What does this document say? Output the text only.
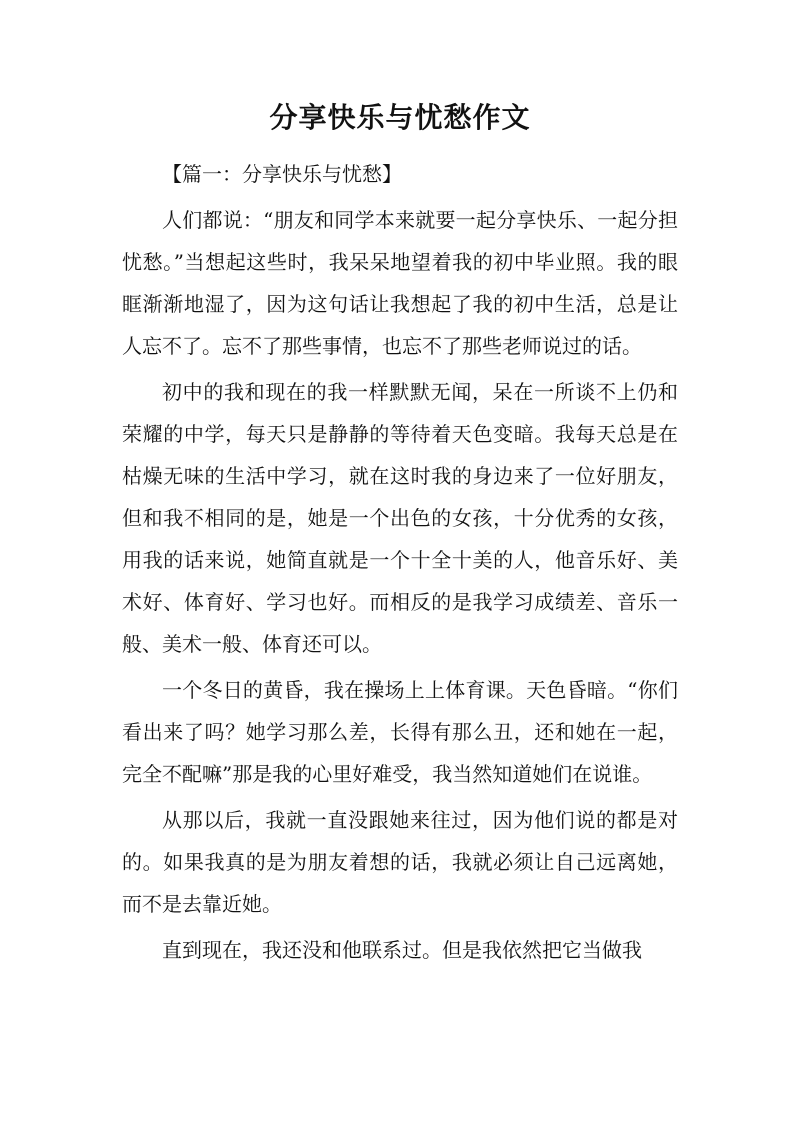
分享快乐与忧愁作文

【篇一：分享快乐与忧愁】

人们都说：“朋友和同学本来就要一起分享快乐、一起分担忧愁。”当想起这些时，我呆呆地望着我的初中毕业照。我的眼眶渐渐地湿了，因为这句话让我想起了我的初中生活，总是让人忘不了。忘不了那些事情，也忘不了那些老师说过的话。

初中的我和现在的我一样默默无闻，呆在一所谈不上仍和荣耀的中学，每天只是静静的等待着天色变暗。我每天总是在枯燥无味的生活中学习，就在这时我的身边来了一位好朋友，但和我不相同的是，她是一个出色的女孩，十分优秀的女孩，用我的话来说，她简直就是一个十全十美的人，他音乐好、美术好、体育好、学习也好。而相反的是我学习成绩差、音乐一般、美术一般、体育还可以。

一个冬日的黄昏，我在操场上上体育课。天色昏暗。“你们看出来了吗？她学习那么差，长得有那么丑，还和她在一起，完全不配嘛”那是我的心里好难受，我当然知道她们在说谁。

从那以后，我就一直没跟她来往过，因为他们说的都是对的。如果我真的是为朋友着想的话，我就必须让自己远离她，而不是去靠近她。

直到现在，我还没和他联系过。但是我依然把它当做我
